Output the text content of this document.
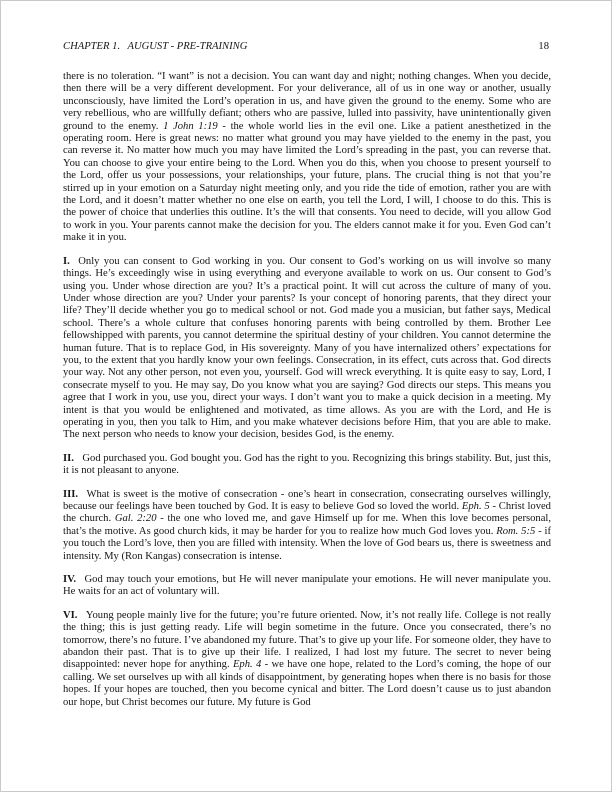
CHAPTER 1. AUGUST - PRE-TRAINING	18

there is no toleration. “I want” is not a decision. You can want day and night; nothing changes. When you decide, then there will be a very different development. For your deliverance, all of us in one way or another, usually unconsciously, have limited the Lord’s operation in us, and have given the ground to the enemy. Some who are very rebellious, who are willfully defiant; others who are passive, lulled into passivity, have unintentionally given ground to the enemy. 1 John 1:19 - the whole world lies in the evil one. Like a patient anesthetized in the operating room. Here is great news: no matter what ground you may have yielded to the enemy in the past, you can reverse it. No matter how much you may have limited the Lord’s spreading in the past, you can reverse that. You can choose to give your entire being to the Lord. When you do this, when you choose to present yourself to the Lord, offer us your possessions, your relationships, your future, plans. The crucial thing is not that you’re stirred up in your emotion on a Saturday night meeting only, and you ride the tide of emotion, rather you are with the Lord, and it doesn’t matter whether no one else on earth, you tell the Lord, I will, I choose to do this. This is the power of choice that underlies this outline. It’s the will that consents. You need to decide, will you allow God to work in you. Your parents cannot make the decision for you. The elders cannot make it for you. Even God can’t make it in you.

I. Only you can consent to God working in you. Our consent to God’s working on us will involve so many things. He’s exceedingly wise in using everything and everyone available to work on us. Our consent to God’s using you. Under whose direction are you? It’s a practical point. It will cut across the culture of many of you. Under whose direction are you? Under your parents? Is your concept of honoring parents, that they direct your life? They’ll decide whether you go to medical school or not. God made you a musician, but father says, Medical school. There’s a whole culture that confuses honoring parents with being controlled by them. Brother Lee fellowshipped with parents, you cannot determine the spiritual destiny of your children. You cannot determine the human future. That is to replace God, in His sovereignty. Many of you have internalized others’ expectations for you, to the extent that you hardly know your own feelings. Consecration, in its effect, cuts across that. God directs your way. Not any other person, not even you, yourself. God will wreck everything. It is quite easy to say, Lord, I consecrate myself to you. He may say, Do you know what you are saying? God directs our steps. This means you agree that I work in you, use you, direct your ways. I don’t want you to make a quick decision in a meeting. My intent is that you would be enlightened and motivated, as time allows. As you are with the Lord, and He is operating in you, then you talk to Him, and you make whatever decisions before Him, that you are able to make. The next person who needs to know your decision, besides God, is the enemy.

II. God purchased you. God bought you. God has the right to you. Recognizing this brings stability. But, just this, it is not pleasant to anyone.

III. What is sweet is the motive of consecration - one’s heart in consecration, consecrating ourselves willingly, because our feelings have been touched by God. It is easy to believe God so loved the world. Eph. 5 - Christ loved the church. Gal. 2:20 - the one who loved me, and gave Himself up for me. When this love becomes personal, that’s the motive. As good church kids, it may be harder for you to realize how much God loves you. Rom. 5:5 - if you touch the Lord’s love, then you are filled with intensity. When the love of God bears us, there is sweetness and intensity. My (Ron Kangas) consecration is intense.

IV. God may touch your emotions, but He will never manipulate your emotions. He will never manipulate you. He waits for an act of voluntary will.

VI. Young people mainly live for the future; you’re future oriented. Now, it’s not really life. College is not really the thing; this is just getting ready. Life will begin sometime in the future. Once you consecrated, there’s no tomorrow, there’s no future. I’ve abandoned my future. That’s to give up your life. For someone older, they have to abandon their past. That is to give up their life. I realized, I had lost my future. The secret to never being disappointed: never hope for anything. Eph. 4 - we have one hope, related to the Lord’s coming, the hope of our calling. We set ourselves up with all kinds of disappointment, by generating hopes when there is no basis for those hopes. If your hopes are touched, then you become cynical and bitter. The Lord doesn’t cause us to just abandon our hope, but Christ becomes our future. My future is God
